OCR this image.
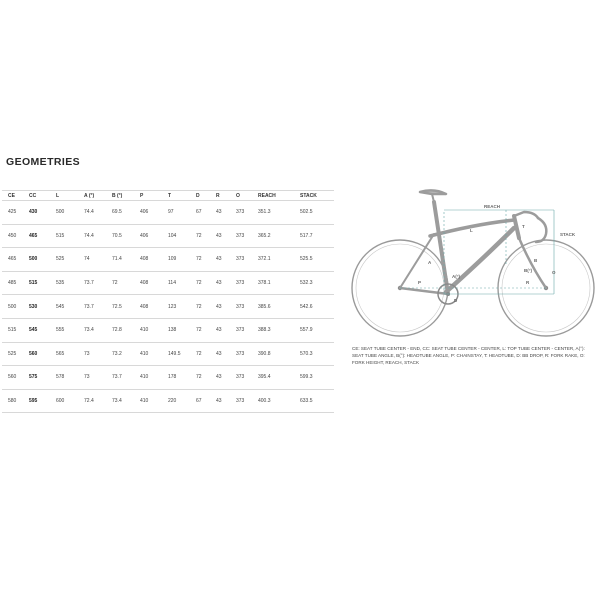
GEOMETRIES
CE	CC	L	A (°)	B (°)	P	T	D	R	O	REACH	STACK
425	430	500	74.4	69.5	406	97	67	43	373	351.3	502.5
450	465	515	74.4	70.5	406	104	72	43	373	365.2	517.7
465	500	525	74	71.4	408	109	72	43	373	372.1	525.5
485	515	535	73.7	72	408	114	72	43	373	378.1	532.3
500	530	545	73.7	72.5	408	123	72	43	373	385.6	542.6
515	545	555	73.4	72.8	410	138	72	43	373	388.3	557.9
525	560	565	73	73.2	410	149.5	72	43	373	390.8	570.3
560	575	578	73	73.7	410	178	72	43	373	395.4	599.3
580	595	600	72.4	73.4	410	220	67	43	373	400.3	633.5
REACH
STACK
A	B
A(°)
B(°)
D
R
O
P
T
L
CE: SEAT TUBE CENTER - END, CC: SEAT TUBE CENTER - CENTER, L: TOP TUBE CENTER - CENTER, A(°): SEAT TUBE ANGLE, B(°): HEADTUBE ANGLE, P: CHAINSTAY, T: HEADTUBE, D: BB DROP, R: FORK RAKE, O: FORK HEIGHT, REACH, STACK
